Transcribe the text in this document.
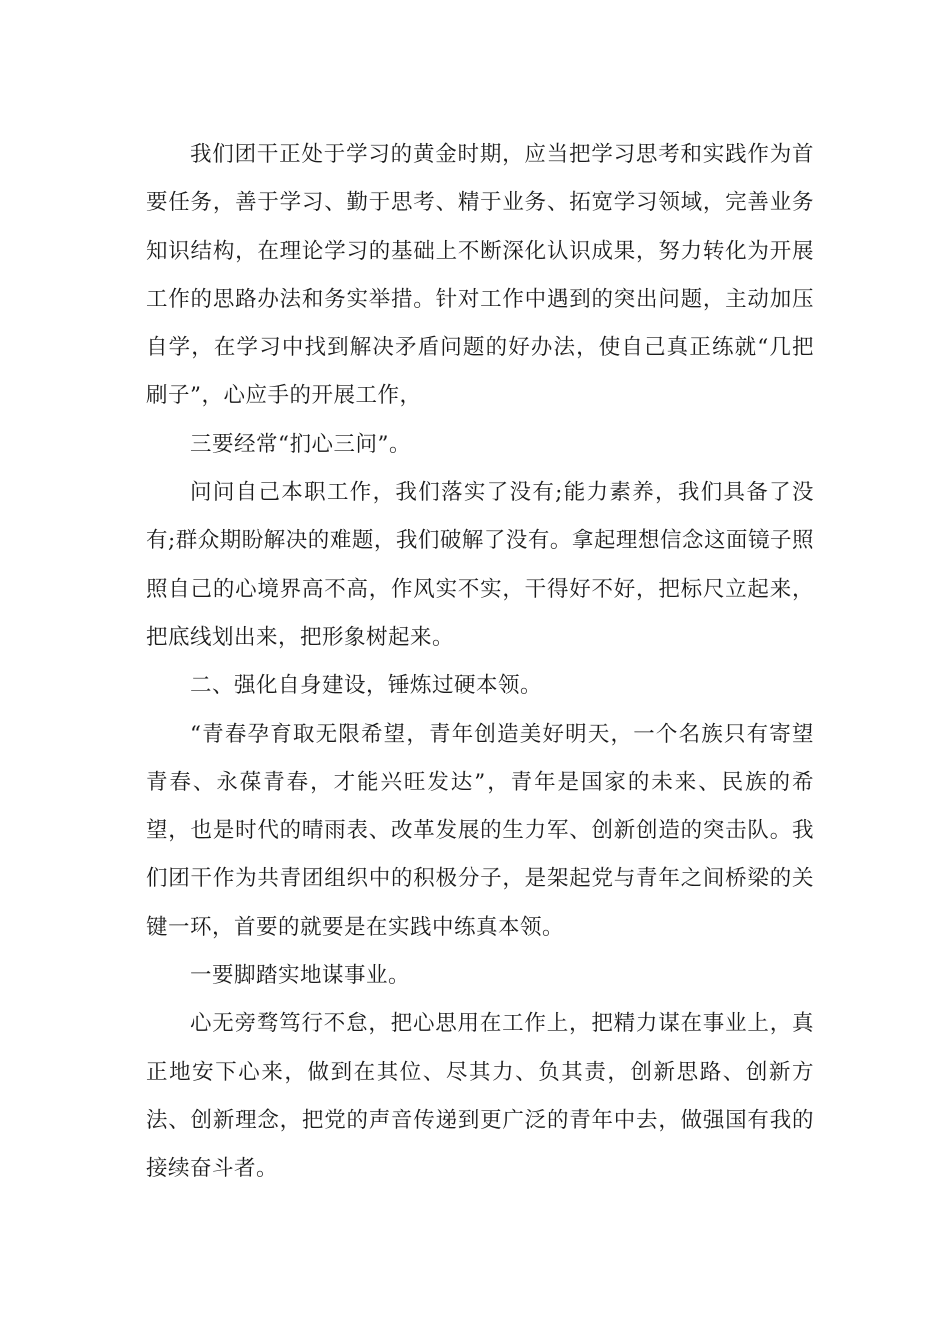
我们团干正处于学习的黄金时期，应当把学习思考和实践作为首要任务，善于学习、勤于思考、精于业务、拓宽学习领域，完善业务知识结构，在理论学习的基础上不断深化认识成果，努力转化为开展工作的思路办法和务实举措。针对工作中遇到的突出问题，主动加压自学，在学习中找到解决矛盾问题的好办法，使自己真正练就“几把刷子”，心应手的开展工作，

三要经常“扪心三问”。

问问自己本职工作，我们落实了没有;能力素养，我们具备了没有;群众期盼解决的难题，我们破解了没有。拿起理想信念这面镜子照照自己的心境界高不高，作风实不实，干得好不好，把标尺立起来，把底线划出来，把形象树起来。

二、强化自身建设，锤炼过硬本领。

“青春孕育取无限希望，青年创造美好明天，一个名族只有寄望青春、永葆青春，才能兴旺发达”，青年是国家的未来、民族的希望，也是时代的晴雨表、改革发展的生力军、创新创造的突击队。我们团干作为共青团组织中的积极分子，是架起党与青年之间桥梁的关键一环，首要的就要是在实践中练真本领。

一要脚踏实地谋事业。

心无旁骛笃行不怠，把心思用在工作上，把精力谋在事业上，真正地安下心来，做到在其位、尽其力、负其责，创新思路、创新方法、创新理念，把党的声音传递到更广泛的青年中去，做强国有我的接续奋斗者。
